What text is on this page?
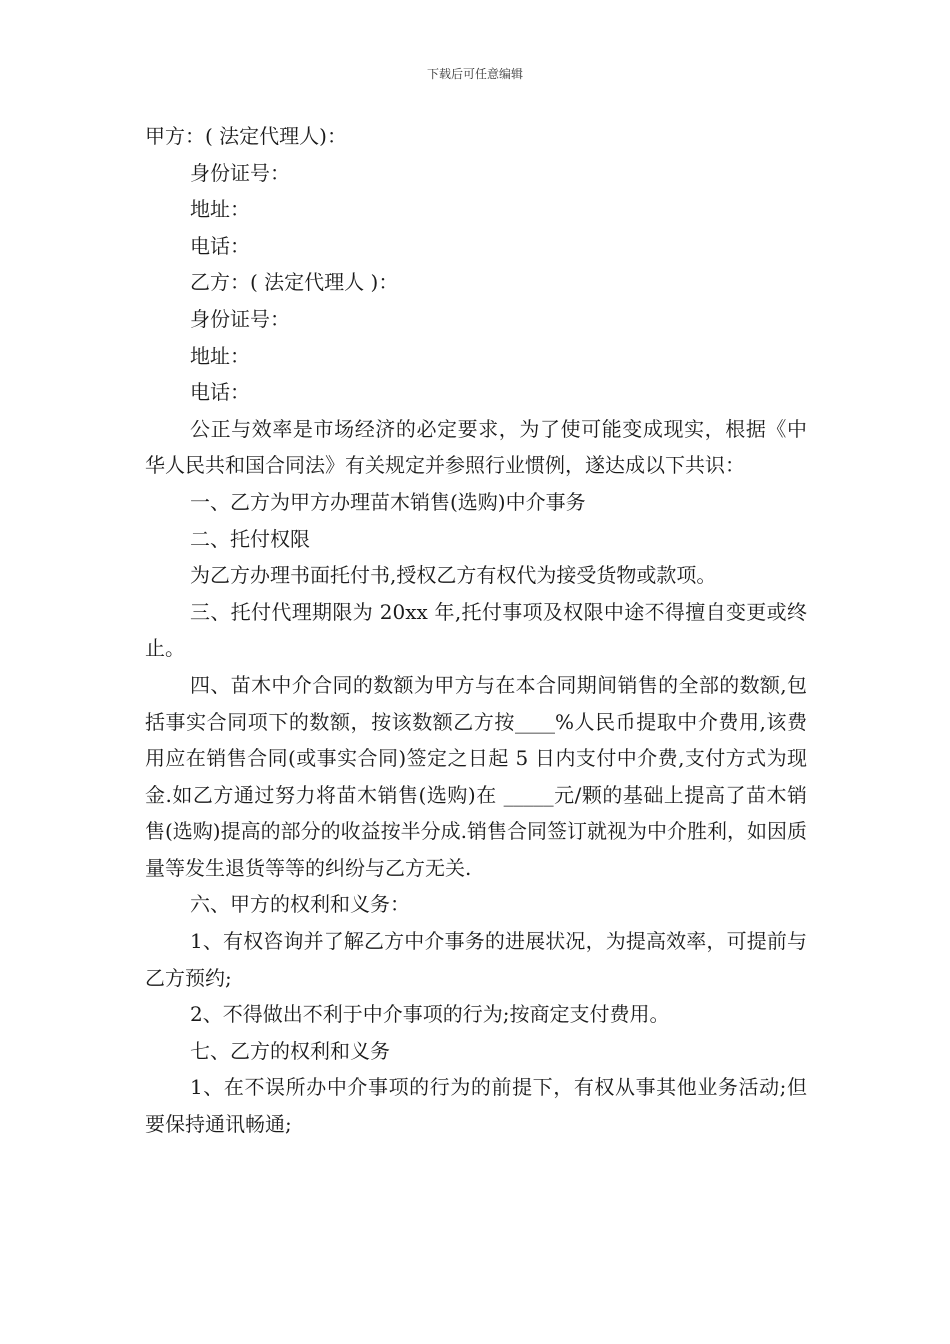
下载后可任意编辑

甲方：( 法定代理人)：

身份证号：

地址：

电话：

乙方：( 法定代理人 )：

身份证号：

地址：

电话：

公正与效率是市场经济的必定要求，为了使可能变成现实，根据《中华人民共和国合同法》有关规定并参照行业惯例，遂达成以下共识：

一、乙方为甲方办理苗木销售(选购)中介事务

二、托付权限

为乙方办理书面托付书,授权乙方有权代为接受货物或款项。

三、托付代理期限为 20xx 年,托付事项及权限中途不得擅自变更或终止。

四、苗木中介合同的数额为甲方与在本合同期间销售的全部的数额,包括事实合同项下的数额，按该数额乙方按____%人民币提取中介费用,该费用应在销售合同(或事实合同)签定之日起 5 日内支付中介费,支付方式为现金.如乙方通过努力将苗木销售(选购)在 _____元/颗的基础上提高了苗木销售(选购)提高的部分的收益按半分成.销售合同签订就视为中介胜利，如因质量等发生退货等等的纠纷与乙方无关.

六、甲方的权利和义务：

1、有权咨询并了解乙方中介事务的进展状况，为提高效率，可提前与乙方预约;

2、不得做出不利于中介事项的行为;按商定支付费用。

七、乙方的权利和义务

1、在不误所办中介事项的行为的前提下，有权从事其他业务活动;但要保持通讯畅通;
